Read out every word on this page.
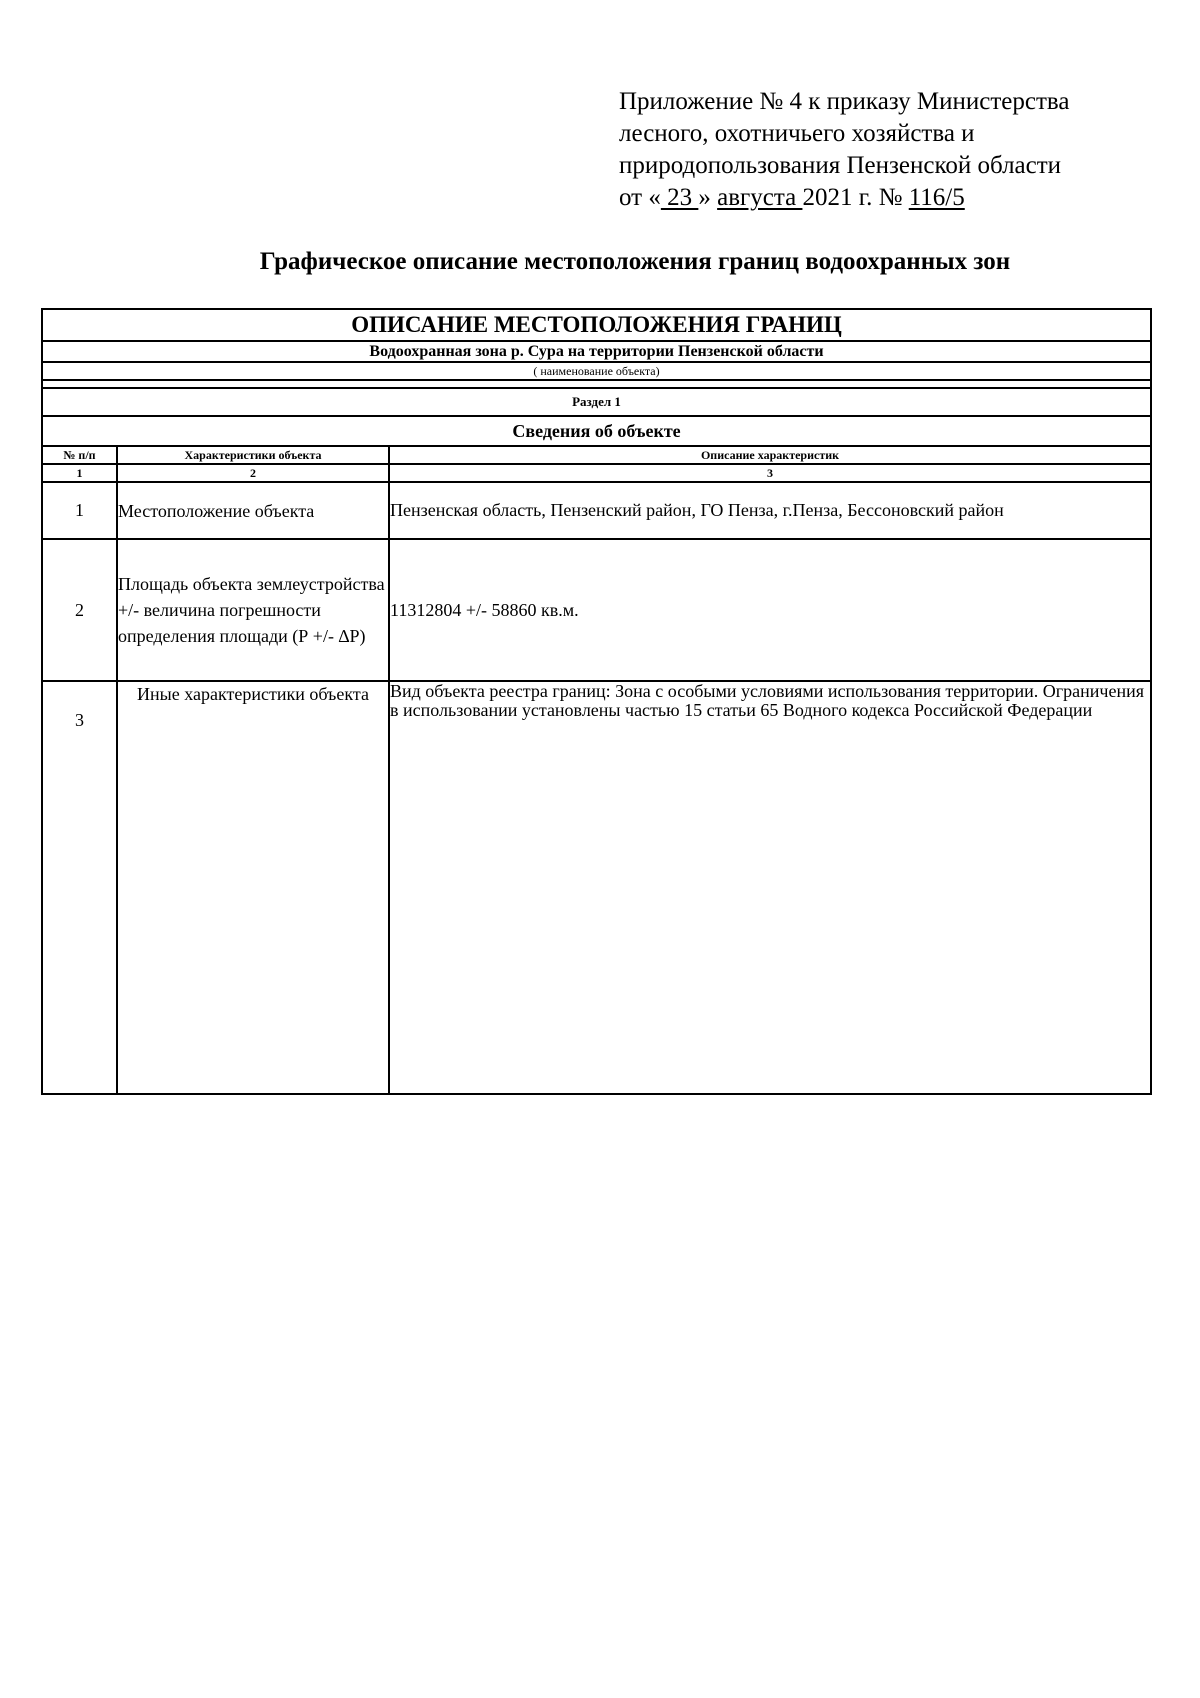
Приложение № 4 к приказу Министерства
лесного, охотничьего хозяйства и
природопользования Пензенской области
от « 23 » августа 2021 г. № 116/5
Графическое описание местоположения границ водоохранных зон
ОПИСАНИЕ МЕСТОПОЛОЖЕНИЯ ГРАНИЦ		
Водоохранная зона р. Сура на территории Пензенской области		
( наименование объекта)		

Раздел 1		
Сведения об объекте		
№ п/п	Характеристики объекта	Описание характеристик
1	2	3
1	Местоположение объекта	Пензенская область, Пензенский район, ГО Пенза, г.Пенза, Бессоновский район
2	Площадь объекта землеустройства +/- величина погрешности определения площади (Р +/- ∆Р)	11312804 +/- 58860 кв.м.
3	Иные характеристики объекта	Вид объекта реестра границ: Зона с особыми условиями использования территории. Ограничения в использовании установлены частью 15 статьи 65 Водного кодекса Российской Федерации
